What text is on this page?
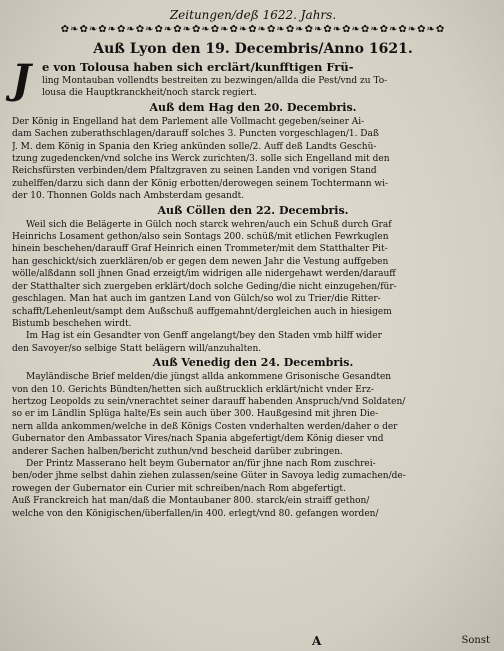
Zeitungen/deß 1622. Jahrs.
✿❧✿❧✿❧✿❧✿❧✿❧✿❧✿❧✿❧✿❧✿❧✿❧✿❧✿❧✿❧✿❧✿❧✿❧✿❧✿❧✿
Auß Lyon den 19. Decembris/Anno 1621.
J e von Tolousa haben sich erclärt/kunfftigen Frü-
ling Montauban vollendts bestreiten zu bezwingen/allda die Pest/vnd zu To-
lousa die Hauptkranckheit/noch starck regiert.
Auß dem Hag den 20. Decembris.
Der König in Engelland hat dem Parlement alle Vollmacht gegeben/seiner Ai-
dam Sachen zuberathschlagen/darauff solches 3. Puncten vorgeschlagen/1. Daß
J. M. dem König in Spania den Krieg ankünden solle/2. Auff deß Landts Geschü-
tzung zugedencken/vnd solche ins Werck zurichten/3. solle sich Engelland mit den
Reichsfürsten verbinden/dem Pfaltzgraven zu seinen Landen vnd vorigen Stand
zuhelffen/darzu sich dann der König erbotten/derowegen seinem Tochtermann wi-
der 10. Thonnen Golds nach Ambsterdam gesandt.
Auß Cöllen den 22. Decembris.
Weil sich die Belägerte in Gülch noch starck wehren/auch ein Schuß durch Graf
Heinrichs Losament gethon/also sein Sontags 200. schüß/mit etlichen Fewrkuglen
hinein beschehen/darauff Graf Heinrich einen Trommeter/mit dem Statthalter Pit-
han geschickt/sich zuerklären/ob er gegen dem newen Jahr die Vestung auffgeben
wölle/alßdann soll jhnen Gnad erzeigt/im widrigen alle nidergehawt werden/darauff
der Statthalter sich zuergeben erklärt/doch solche Geding/die nicht einzugehen/für-
geschlagen. Man hat auch im gantzen Land von Gülch/so wol zu Trier/die Ritter-
schafft/Lehenleut/sampt dem Außschuß auffgemahnt/dergleichen auch in hiesigem
Bistumb beschehen wirdt.
Im Hag ist ein Gesandter von Genff angelangt/bey den Staden vmb hilff wider
den Savoyer/so selbige Statt belägern will/anzuhalten.
Auß Venedig den 24. Decembris.
Mayländische Brief melden/die jüngst allda ankommene Grisonische Gesandten
von den 10. Gerichts Bündten/hetten sich außtrucklich erklärt/nicht vnder Erz-
hertzog Leopolds zu sein/vnerachtet seiner darauff habenden Anspruch/vnd Soldaten/
so er im Ländlin Splüga halte/Es sein auch über 300. Haußgesind mit jhren Die-
nern allda ankommen/welche in deß Königs Costen vnderhalten werden/daher o der
Gubernator den Ambassator Vires/nach Spania abgefertigt/dem König dieser vnd
anderer Sachen halben/bericht zuthun/vnd bescheid darüber zubringen.
Der Printz Masserano helt beym Gubernator an/für jhne nach Rom zuschrei-
ben/oder jhme selbst dahin ziehen zulassen/seine Güter in Savoya ledig zumachen/de-
rowegen der Gubernator ein Curier mit schreiben/nach Rom abgefertigt.
Auß Franckreich hat man/daß die Montaubaner 800. starck/ein straiff gethon/
welche von den Königischen/überfallen/in 400. erlegt/vnd 80. gefangen worden/
A	Sonst
